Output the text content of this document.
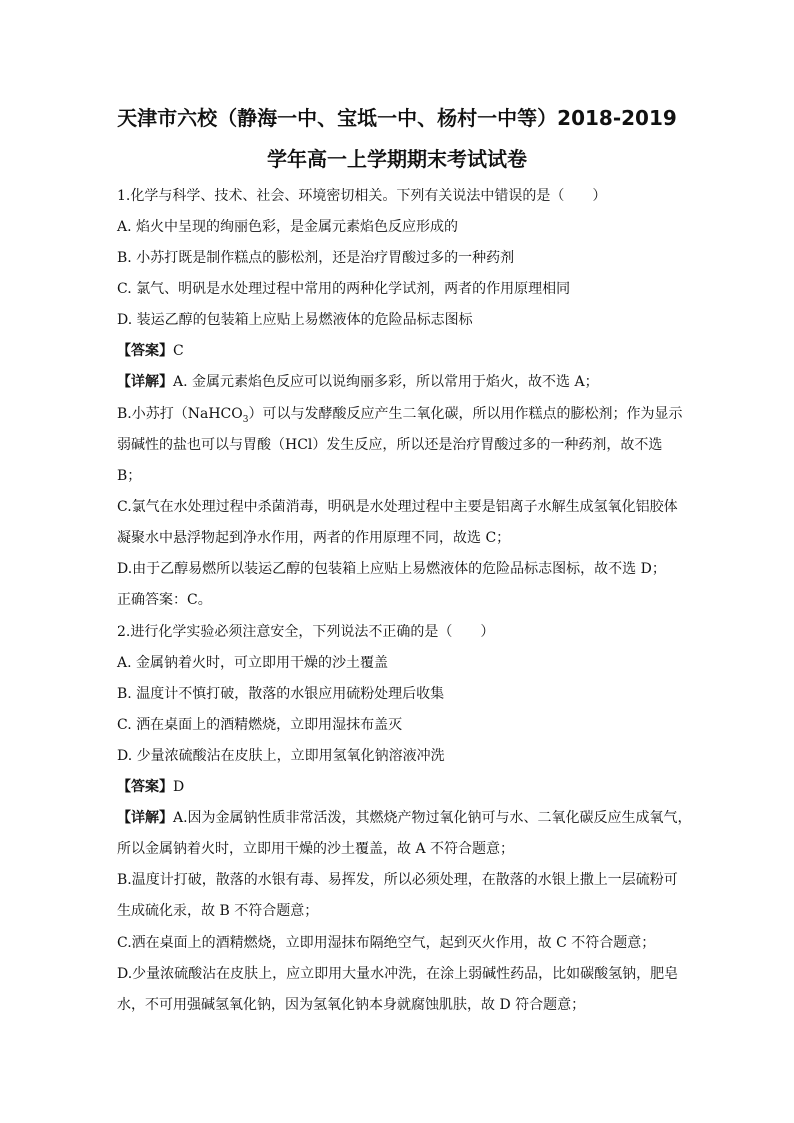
天津市六校（静海一中、宝坻一中、杨村一中等）2018-2019
学年高一上学期期末考试试卷
1.化学与科学、技术、社会、环境密切相关。下列有关说法中错误的是（　　）
A. 焰火中呈现的绚丽色彩，是金属元素焰色反应形成的
B. 小苏打既是制作糕点的膨松剂，还是治疗胃酸过多的一种药剂
C. 氯气、明矾是水处理过程中常用的两种化学试剂，两者的作用原理相同
D. 装运乙醇的包装箱上应贴上易燃液体的危险品标志图标
【答案】C
【详解】A. 金属元素焰色反应可以说绚丽多彩，所以常用于焰火，故不选 A；
B.小苏打（NaHCO$_3$）可以与发酵酸反应产生二氧化碳，所以用作糕点的膨松剂；作为显示
弱碱性的盐也可以与胃酸（HCl）发生反应，所以还是治疗胃酸过多的一种药剂，故不选
B；
C.氯气在水处理过程中杀菌消毒，明矾是水处理过程中主要是铝离子水解生成氢氧化铝胶体
凝聚水中悬浮物起到净水作用，两者的作用原理不同，故选 C；
D.由于乙醇易燃所以装运乙醇的包装箱上应贴上易燃液体的危险品标志图标，故不选 D；
正确答案：C。
2.进行化学实验必须注意安全，下列说法不正确的是（　　）
A. 金属钠着火时，可立即用干燥的沙土覆盖
B. 温度计不慎打破，散落的水银应用硫粉处理后收集
C. 洒在桌面上的酒精燃烧，立即用湿抹布盖灭
D. 少量浓硫酸沾在皮肤上，立即用氢氧化钠溶液冲洗
【答案】D
【详解】A.因为金属钠性质非常活泼，其燃烧产物过氧化钠可与水、二氧化碳反应生成氧气，
所以金属钠着火时，立即用干燥的沙土覆盖，故 A 不符合题意；
B.温度计打破，散落的水银有毒、易挥发，所以必须处理，在散落的水银上撒上一层硫粉可
生成硫化汞，故 B 不符合题意；
C.洒在桌面上的酒精燃烧，立即用湿抹布隔绝空气，起到灭火作用，故 C 不符合题意；
D.少量浓硫酸沾在皮肤上，应立即用大量水冲洗，在涂上弱碱性药品，比如碳酸氢钠，肥皂
水，不可用强碱氢氧化钠，因为氢氧化钠本身就腐蚀肌肤，故 D 符合题意；
